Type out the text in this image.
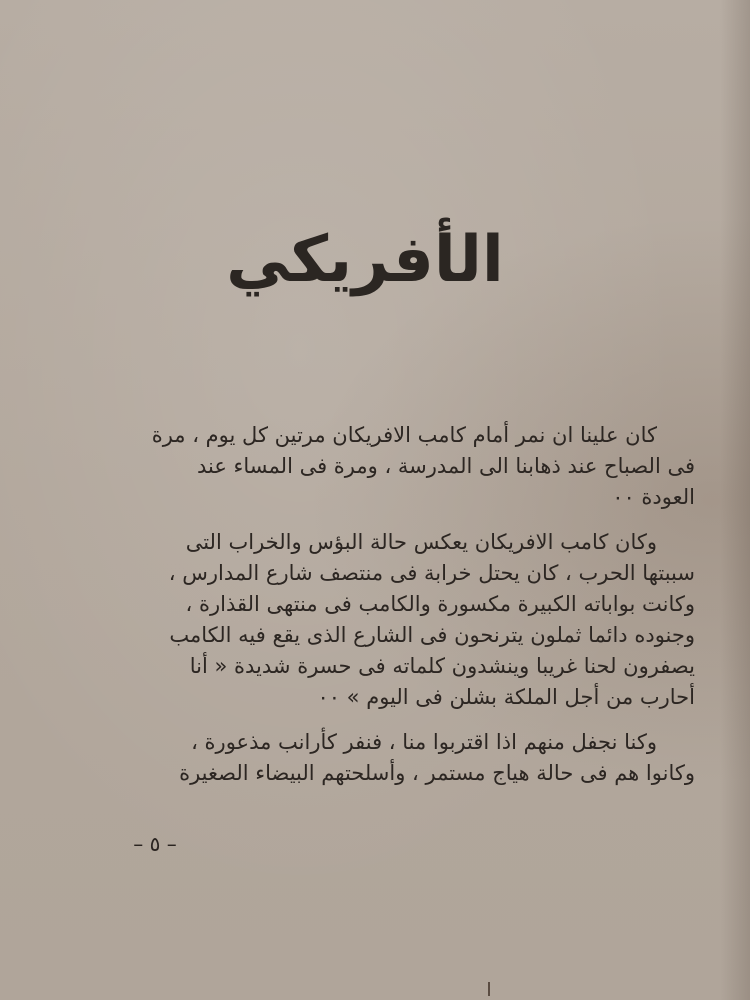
الأفريكي

كان علينا ان نمر أمام كامب الافريكان مرتين كل يوم ، مرة
فى الصباح عند ذهابنا الى المدرسة ، ومرة فى المساء عند
العودة ٠٠

وكان كامب الافريكان يعكس حالة البؤس والخراب التى
سببتها الحرب ، كان يحتل خرابة فى منتصف شارع المدارس ،
وكانت بواباته الكبيرة مكسورة والكامب فى منتهى القذارة ،
وجنوده دائما ثملون يترنحون فى الشارع الذى يقع فيه الكامب
يصفرون لحنا غريبا وينشدون كلماته فى حسرة شديدة « أنا
أحارب من أجل الملكة بشلن فى اليوم » ٠٠

وكنا نجفل منهم اذا اقتربوا منا ، فنفر كأرانب مذعورة ،
وكانوا هم فى حالة هياج مستمر ، وأسلحتهم البيضاء الصغيرة

– ٥ –
